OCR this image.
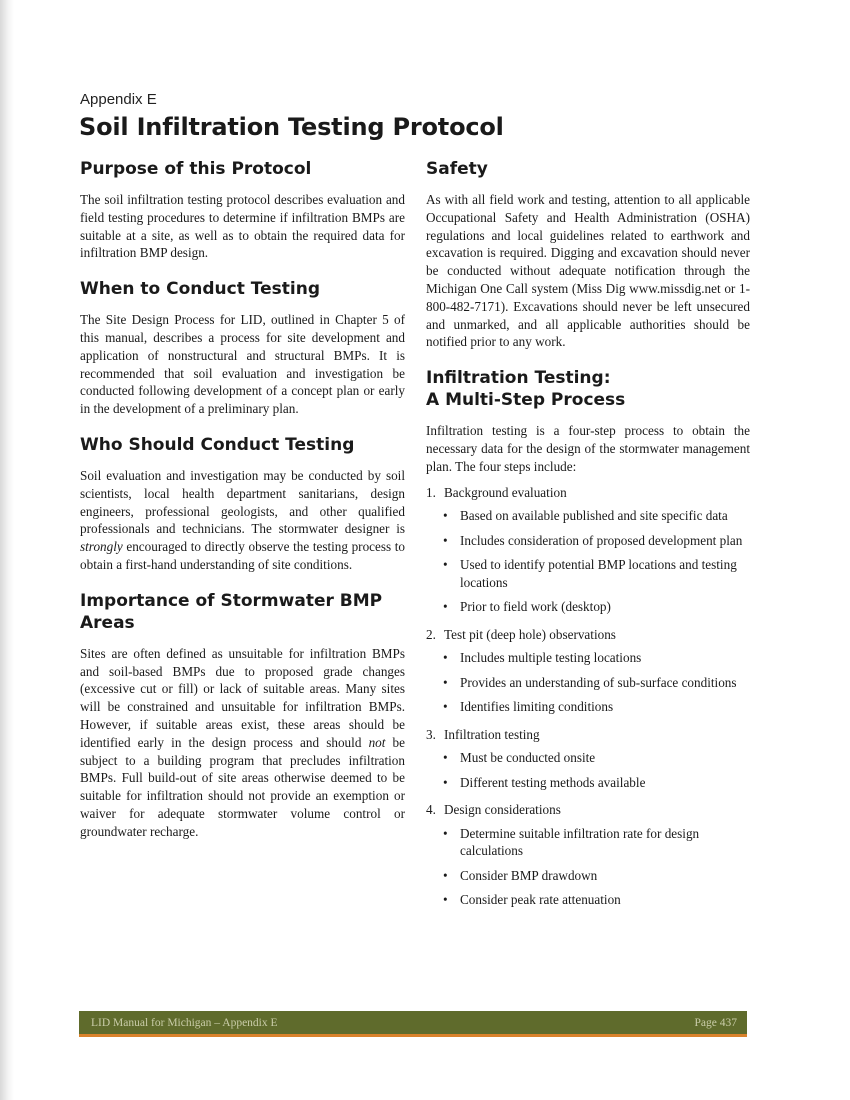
Appendix E
Soil Infiltration Testing Protocol
Purpose of this Protocol

The soil infiltration testing protocol describes evaluation and field testing procedures to determine if infiltration BMPs are suitable at a site, as well as to obtain the required data for infiltration BMP design.

When to Conduct Testing

The Site Design Process for LID, outlined in Chapter 5 of this manual, describes a process for site development and application of nonstructural and structural BMPs. It is recommended that soil evaluation and investigation be conducted following development of a concept plan or early in the development of a preliminary plan.

Who Should Conduct Testing

Soil evaluation and investigation may be conducted by soil scientists, local health department sanitarians, design engineers, professional geologists, and other qualified professionals and technicians. The stormwater designer is strongly encouraged to directly observe the testing process to obtain a first-hand understanding of site conditions.

Importance of Stormwater BMP Areas

Sites are often defined as unsuitable for infiltration BMPs and soil-based BMPs due to proposed grade changes (excessive cut or fill) or lack of suitable areas. Many sites will be constrained and unsuitable for infiltration BMPs. However, if suitable areas exist, these areas should be identified early in the design process and should not be subject to a building program that precludes infiltration BMPs. Full build-out of site areas otherwise deemed to be suitable for infiltration should not provide an exemption or waiver for adequate stormwater volume control or groundwater recharge.

Safety

As with all field work and testing, attention to all applicable Occupational Safety and Health Administration (OSHA) regulations and local guidelines related to earthwork and excavation is required. Digging and excavation should never be conducted without adequate notification through the Michigan One Call system (Miss Dig www.missdig.net or 1-800-482-7171). Excavations should never be left unsecured and unmarked, and all applicable authorities should be notified prior to any work.

Infiltration Testing:
A Multi-Step Process

Infiltration testing is a four-step process to obtain the necessary data for the design of the stormwater management plan. The four steps include:

1. Background evaluation
• Based on available published and site specific data
• Includes consideration of proposed development plan
• Used to identify potential BMP locations and testing locations
• Prior to field work (desktop)
2. Test pit (deep hole) observations
• Includes multiple testing locations
• Provides an understanding of sub-surface conditions
• Identifies limiting conditions
3. Infiltration testing
• Must be conducted onsite
• Different testing methods available
4. Design considerations
• Determine suitable infiltration rate for design calculations
• Consider BMP drawdown
• Consider peak rate attenuation
LID Manual for Michigan – Appendix E	Page 437
